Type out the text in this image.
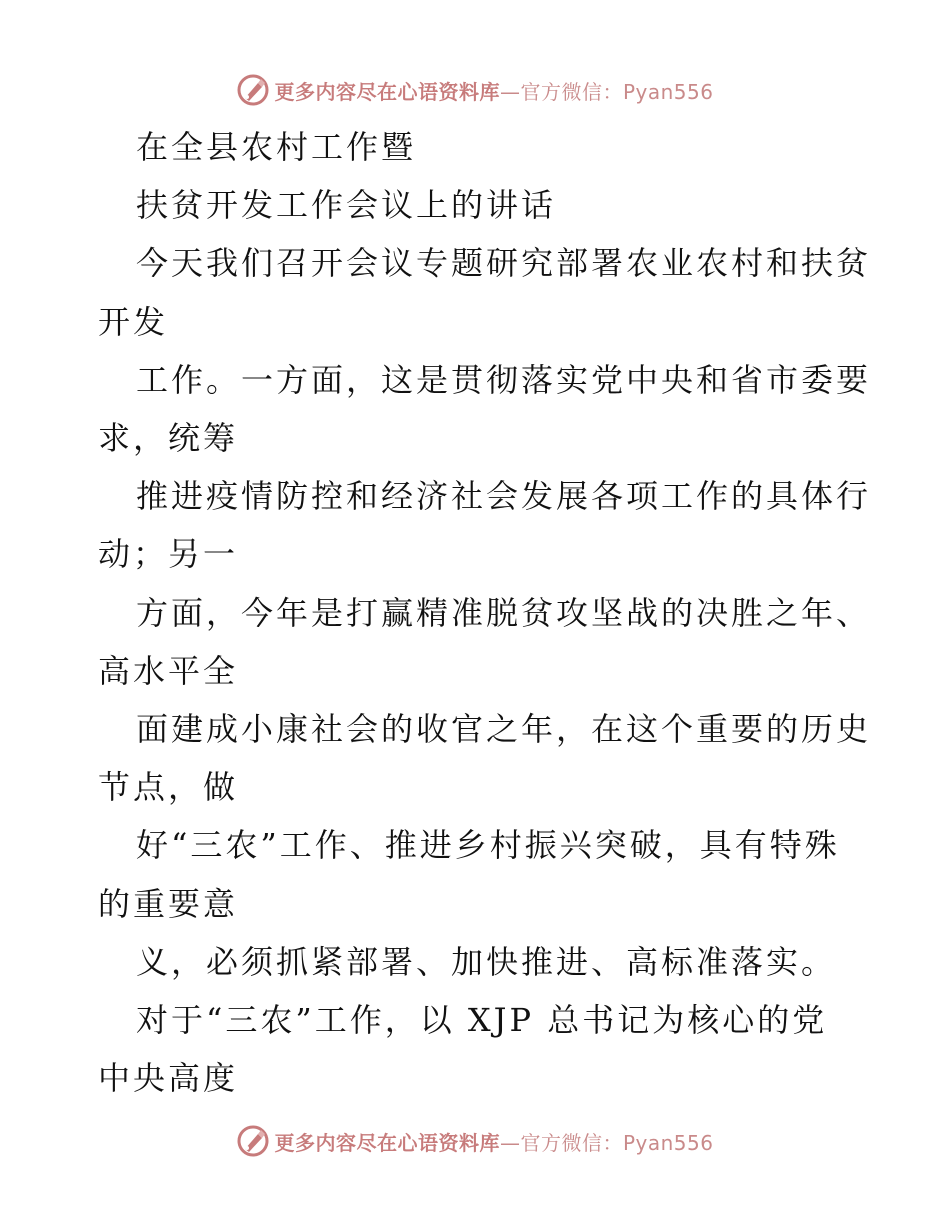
更多内容尽在心语资料库—官方微信：Pyan556
在全县农村工作暨
扶贫开发工作会议上的讲话
今天我们召开会议专题研究部署农业农村和扶贫
开发
工作。一方面，这是贯彻落实党中央和省市委要
求，统筹
推进疫情防控和经济社会发展各项工作的具体行
动；另一
方面，今年是打赢精准脱贫攻坚战的决胜之年、
高水平全
面建成小康社会的收官之年，在这个重要的历史
节点，做
好“三农”工作、推进乡村振兴突破，具有特殊
的重要意
义，必须抓紧部署、加快推进、高标准落实。
对于“三农”工作，以 XJP 总书记为核心的党
中央高度
更多内容尽在心语资料库—官方微信：Pyan556
